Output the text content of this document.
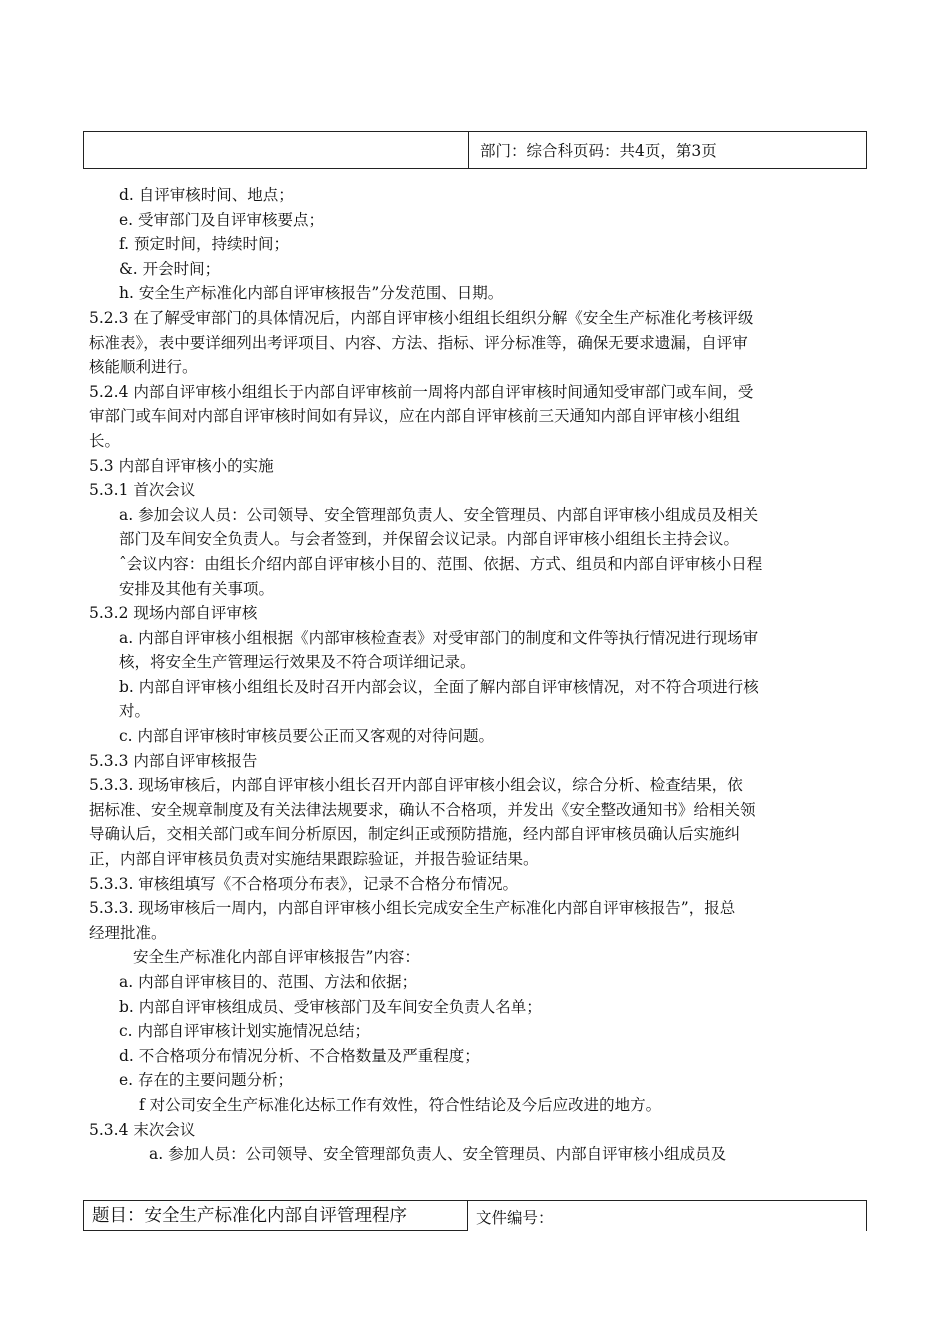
部门：综合科页码：共4页，第3页

d. 自评审核时间、地点；

e. 受审部门及自评审核要点；

f. 预定时间，持续时间；

&. 开会时间；

h. 安全生产标准化内部自评审核报告”分发范围、日期。

5.2.3 在了解受审部门的具体情况后，内部自评审核小组组长组织分解《安全生产标准化考核评级

标准表》，表中要详细列出考评项目、内容、方法、指标、评分标准等，确保无要求遗漏，自评审

核能顺利进行。

5.2.4 内部自评审核小组组长于内部自评审核前一周将内部自评审核时间通知受审部门或车间，受

审部门或车间对内部自评审核时间如有异议，应在内部自评审核前三天通知内部自评审核小组组

长。

5.3 内部自评审核小的实施

5.3.1 首次会议

a. 参加会议人员：公司领导、安全管理部负责人、安全管理员、内部自评审核小组成员及相关

部门及车间安全负责人。与会者签到，并保留会议记录。内部自评审核小组组长主持会议。

ˆ会议内容：由组长介绍内部自评审核小目的、范围、依据、方式、组员和内部自评审核小日程

安排及其他有关事项。

5.3.2 现场内部自评审核

a. 内部自评审核小组根据《内部审核检查表》对受审部门的制度和文件等执行情况进行现场审

核，将安全生产管理运行效果及不符合项详细记录。

b. 内部自评审核小组组长及时召开内部会议，全面了解内部自评审核情况，对不符合项进行核

对。

c. 内部自评审核时审核员要公正而又客观的对待问题。

5.3.3 内部自评审核报告

5.3.3. 现场审核后，内部自评审核小组长召开内部自评审核小组会议，综合分析、检查结果，依

据标准、安全规章制度及有关法律法规要求，确认不合格项，并发出《安全整改通知书》给相关领

导确认后，交相关部门或车间分析原因，制定纠正或预防措施，经内部自评审核员确认后实施纠

正，内部自评审核员负责对实施结果跟踪验证，并报告验证结果。

5.3.3. 审核组填写《不合格项分布表》，记录不合格分布情况。

5.3.3. 现场审核后一周内，内部自评审核小组长完成安全生产标准化内部自评审核报告”，报总

经理批准。

安全生产标准化内部自评审核报告”内容：

a. 内部自评审核目的、范围、方法和依据；

b. 内部自评审核组成员、受审核部门及车间安全负责人名单；

c. 内部自评审核计划实施情况总结；

d. 不合格项分布情况分析、不合格数量及严重程度；

e. 存在的主要问题分析；

f 对公司安全生产标准化达标工作有效性，符合性结论及今后应改进的地方。

5.3.4 末次会议

a. 参加人员：公司领导、安全管理部负责人、安全管理员、内部自评审核小组成员及

题目：安全生产标准化内部自评管理程序	文件编号：
